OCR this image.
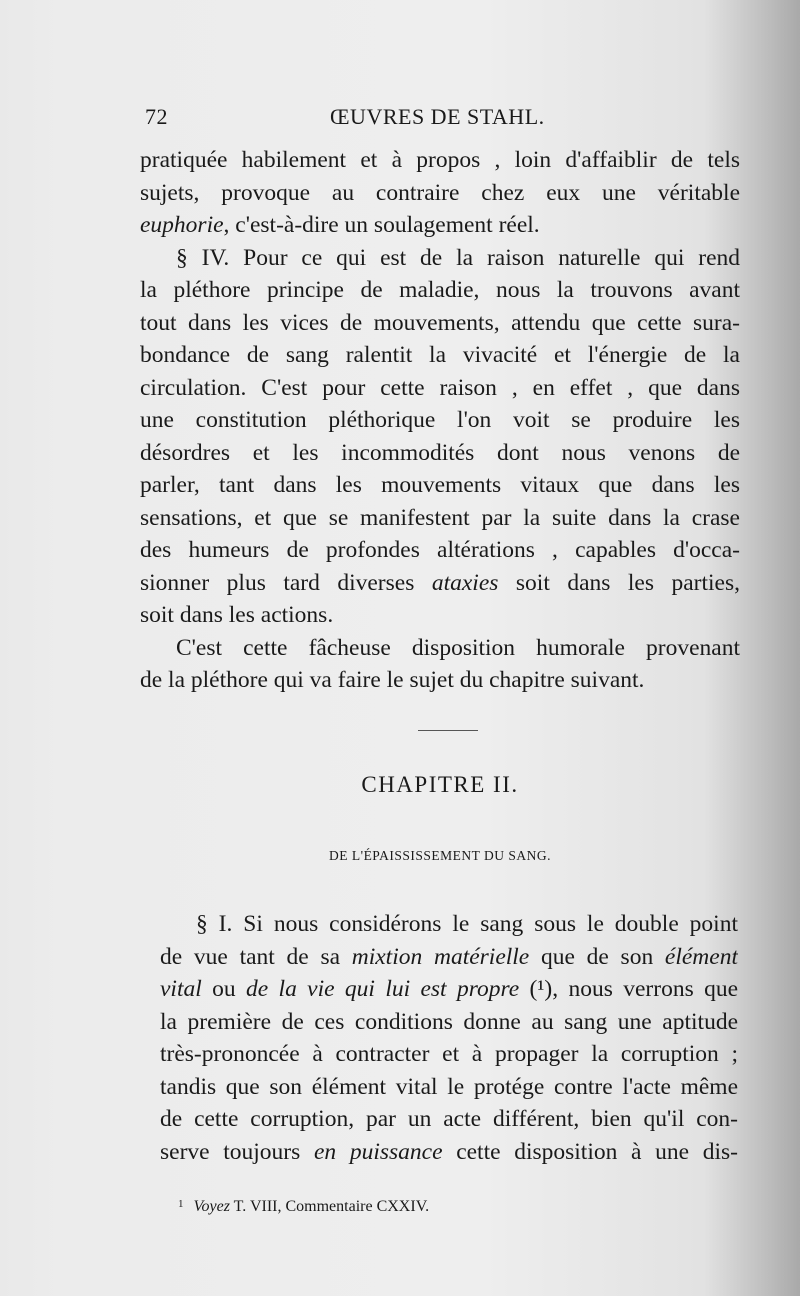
72	ŒUVRES DE STAHL.
pratiquée habilement et à propos , loin d'affaiblir de tels
sujets, provoque au contraire chez eux une véritable
euphorie, c'est-à-dire un soulagement réel.
§ IV. Pour ce qui est de la raison naturelle qui rend
la pléthore principe de maladie, nous la trouvons avant
tout dans les vices de mouvements, attendu que cette sura-
bondance de sang ralentit la vivacité et l'énergie de la
circulation. C'est pour cette raison , en effet , que dans
une constitution pléthorique l'on voit se produire les
désordres et les incommodités dont nous venons de
parler, tant dans les mouvements vitaux que dans les
sensations, et que se manifestent par la suite dans la crase
des humeurs de profondes altérations , capables d'occa-
sionner plus tard diverses ataxies soit dans les parties,
soit dans les actions.
C'est cette fâcheuse disposition humorale provenant
de la pléthore qui va faire le sujet du chapitre suivant.
CHAPITRE II.
DE L'ÉPAISSISSEMENT DU SANG.
§ I. Si nous considérons le sang sous le double point
de vue tant de sa mixtion matérielle que de son élément
vital ou de la vie qui lui est propre (¹), nous verrons que
la première de ces conditions donne au sang une aptitude
très-prononcée à contracter et à propager la corruption ;
tandis que son élément vital le protége contre l'acte même
de cette corruption, par un acte différent, bien qu'il con-
serve toujours en puissance cette disposition à une dis-
$^1$ Voyez T. VIII, Commentaire CXXIV.
